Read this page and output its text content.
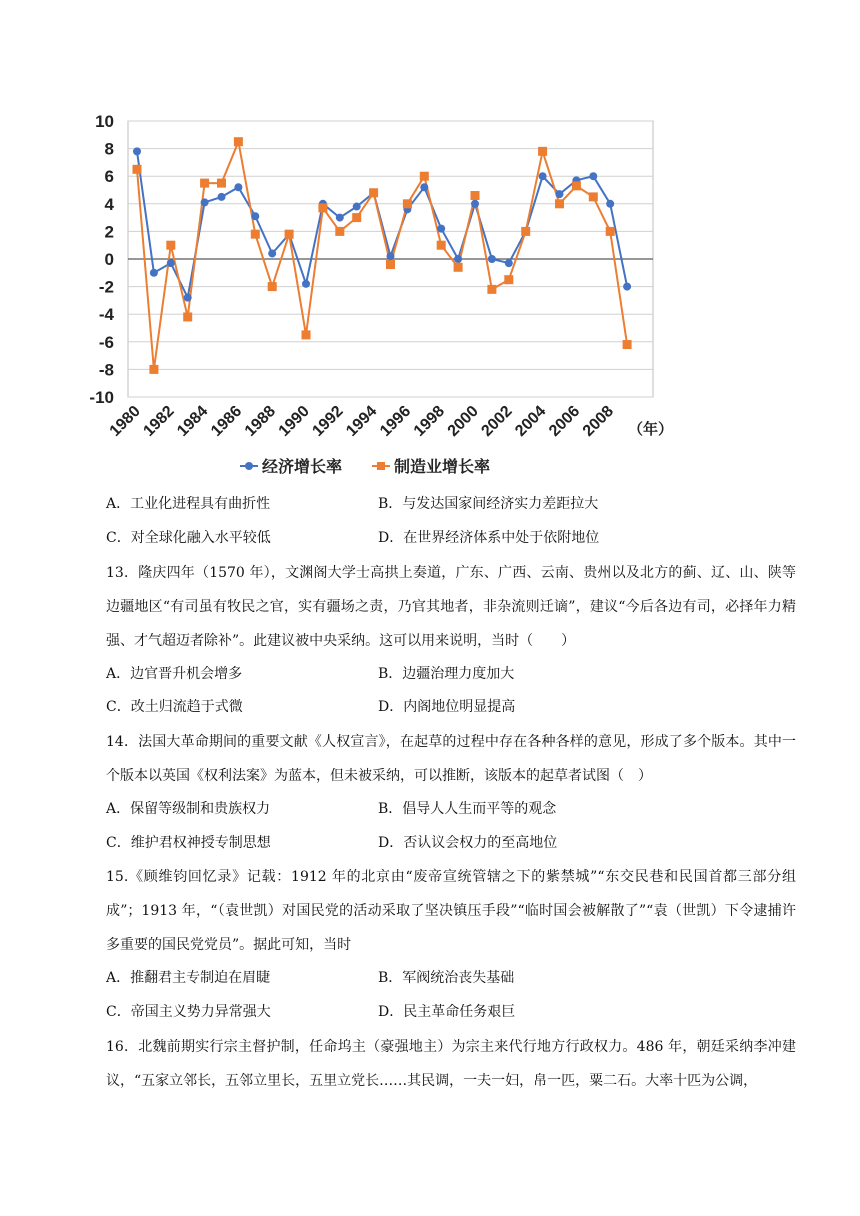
10
8
6
4
2
0
-2
-4
-6
-8
-10
1980
1982
1984
1986
1988
1990
1992
1994
1996
1998
2000
2002
2004
2006
2008 （年）
经济增长率	制造业增长率
A．工业化进程具有曲折性	B．与发达国家间经济实力差距拉大
C．对全球化融入水平较低	D．在世界经济体系中处于依附地位
13．隆庆四年（1570 年），文渊阁大学士高拱上奏道，广东、广西、云南、贵州以及北方的蓟、辽、山、陕等边疆地区“有司虽有牧民之官，实有疆场之责，乃官其地者，非杂流则迁谪”，建议“今后各边有司，必择年力精强、才气超迈者除补”。此建议被中央采纳。这可以用来说明，当时（　　）
A．边官晋升机会增多	B．边疆治理力度加大
C．改土归流趋于式微	D．内阁地位明显提高
14．法国大革命期间的重要文献《人权宣言》，在起草的过程中存在各种各样的意见，形成了多个版本。其中一个版本以英国《权利法案》为蓝本，但未被采纳，可以推断，该版本的起草者试图（　）
A．保留等级制和贵族权力	B．倡导人人生而平等的观念
C．维护君权神授专制思想	D．否认议会权力的至高地位
15.《顾维钧回忆录》记载：1912 年的北京由“废帝宣统管辖之下的紫禁城”“东交民巷和民国首都三部分组成”；1913 年，“（袁世凯）对国民党的活动采取了坚决镇压手段”“临时国会被解散了”“袁（世凯）下令逮捕许多重要的国民党党员”。据此可知，当时
A．推翻君主专制迫在眉睫	B．军阀统治丧失基础
C．帝国主义势力异常强大	D．民主革命任务艰巨
16．北魏前期实行宗主督护制，任命坞主（豪强地主）为宗主来代行地方行政权力。486 年，朝廷采纳李冲建议，“五家立邻长，五邻立里长，五里立党长……其民调，一夫一妇，帛一匹，粟二石。大率十匹为公调，
